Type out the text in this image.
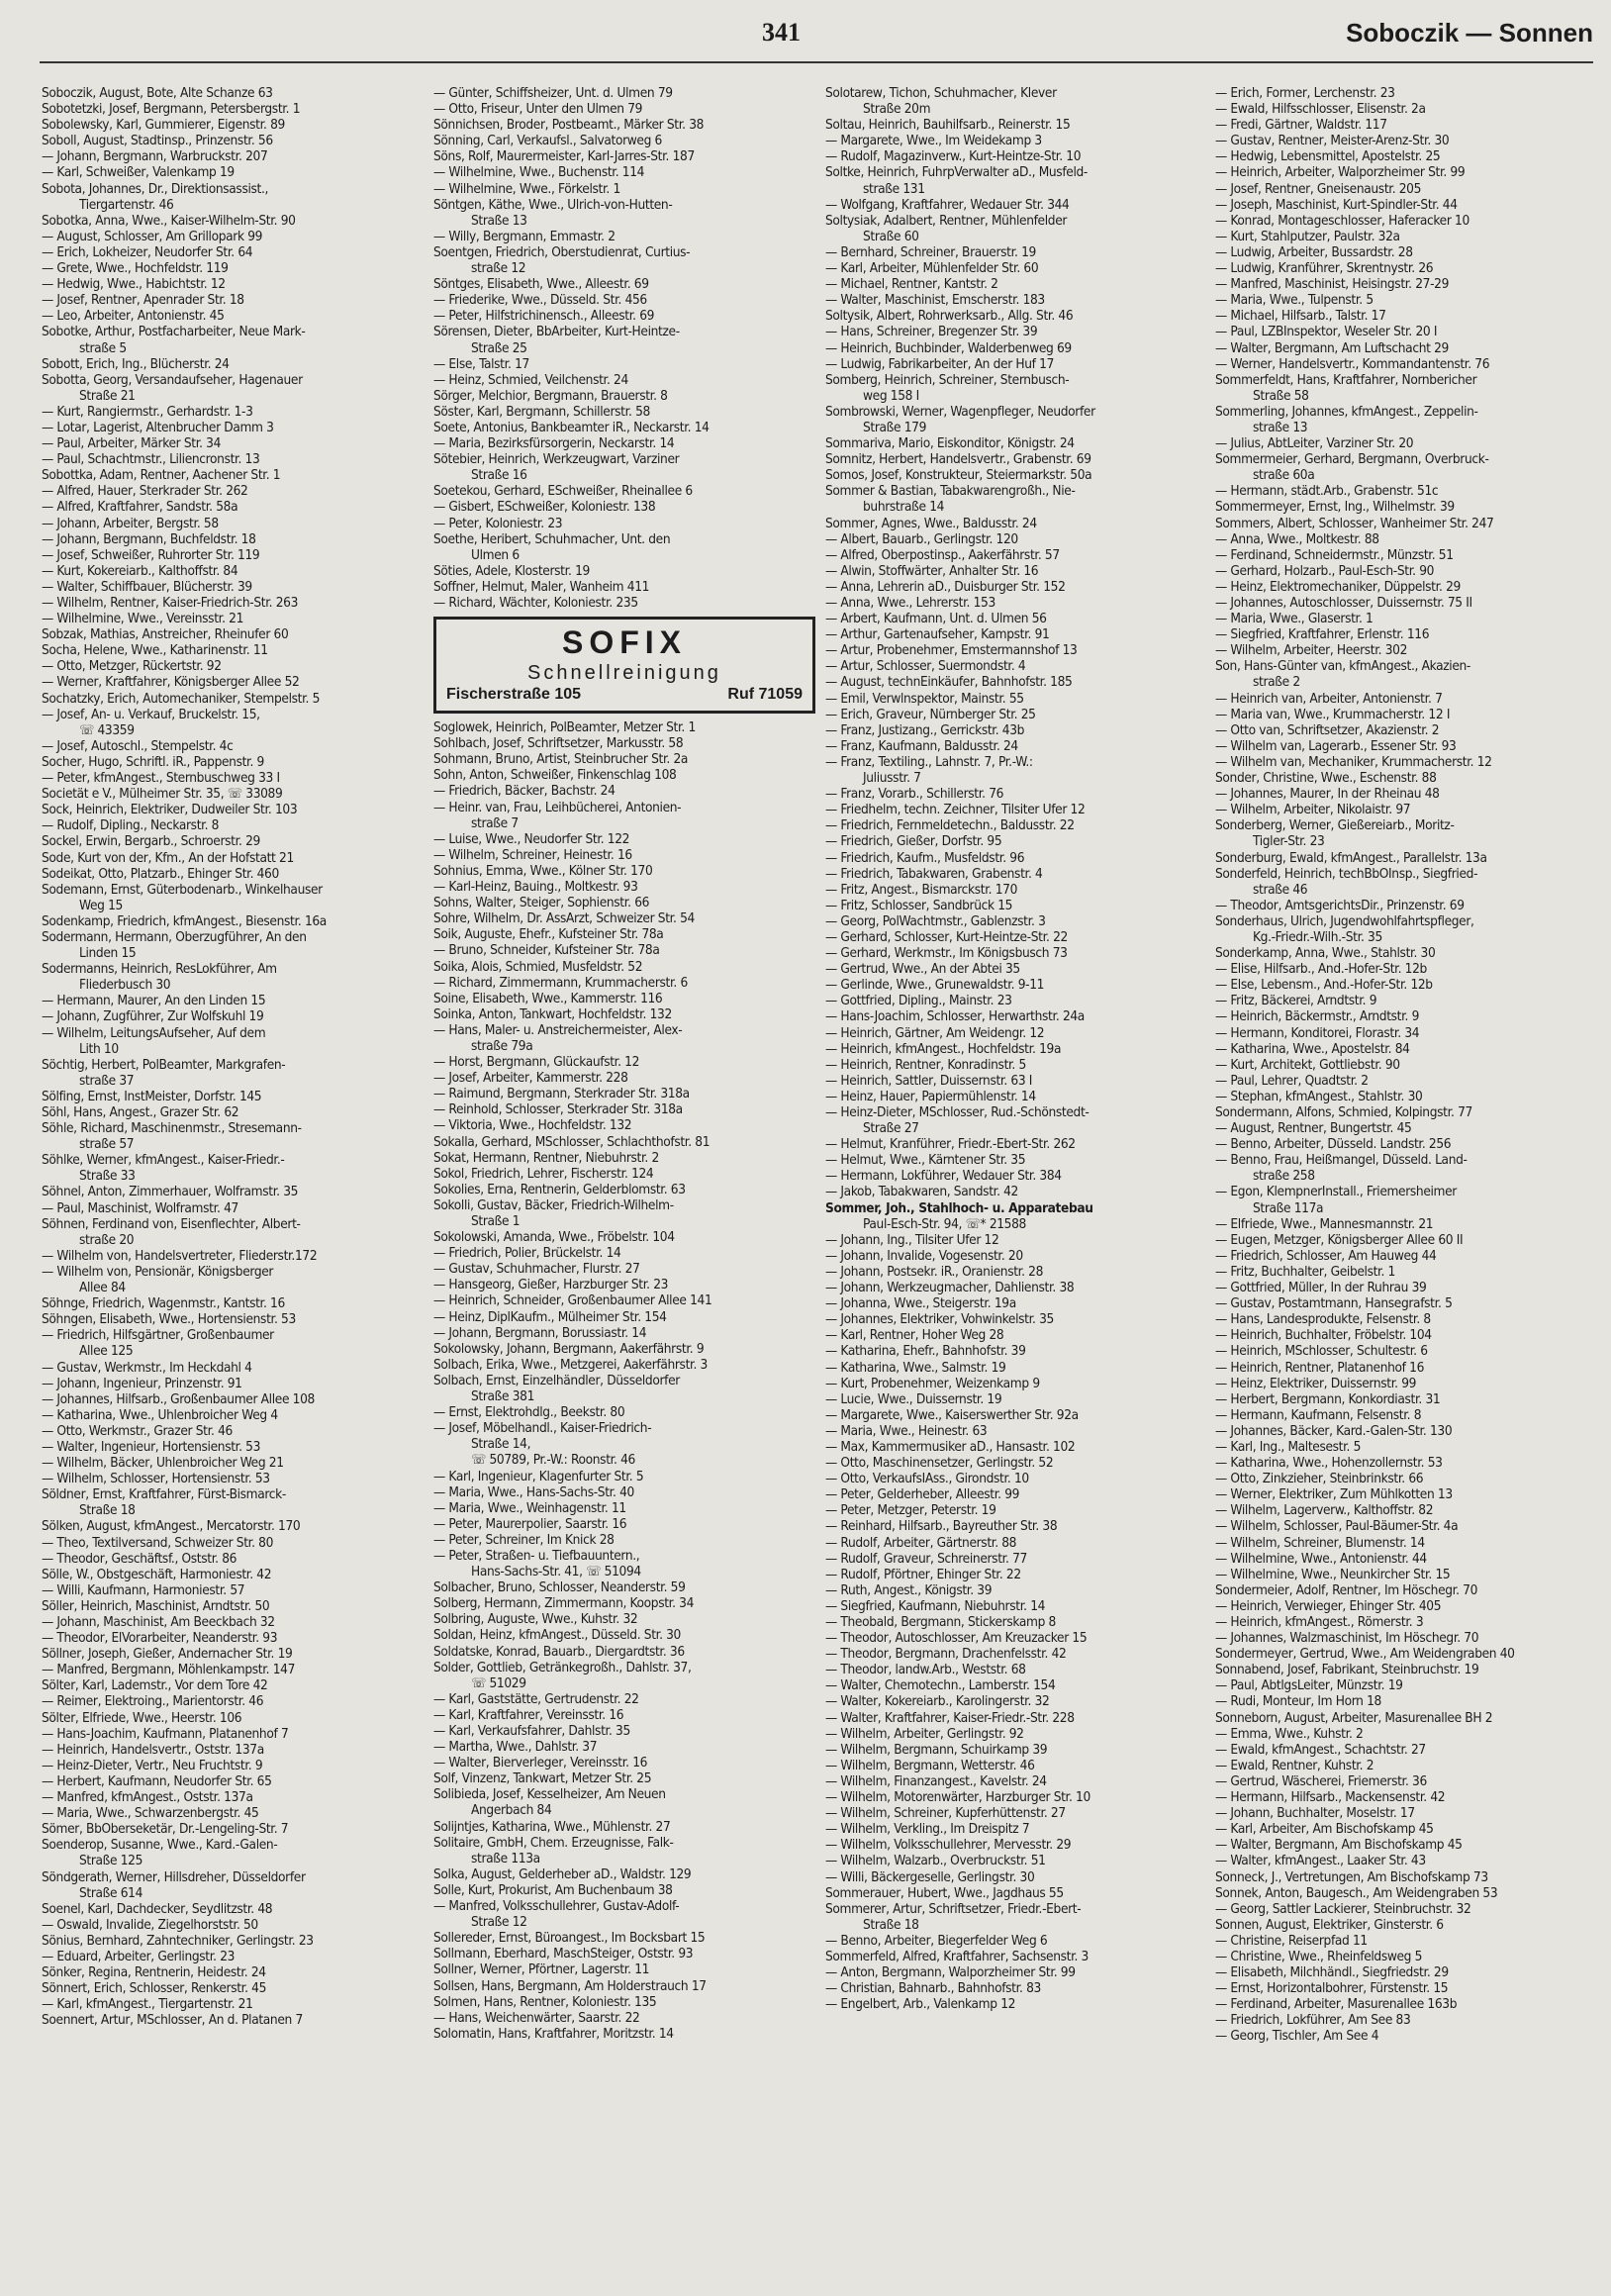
341	Soboczik — Sonnen
Soboczik, August, Bote, Alte Schanze 63
Sobotetzki, Josef, Bergmann, Petersbergstr. 1
Sobolewsky, Karl, Gummierer, Eigenstr. 89
Soboll, August, Stadtinsp., Prinzenstr. 56
— Johann, Bergmann, Warbruckstr. 207
— Karl, Schweißer, Valenkamp 19
Sobota, Johannes, Dr., Direktionsassist.,
Tiergartenstr. 46
Sobotka, Anna, Wwe., Kaiser-Wilhelm-Str. 90
— August, Schlosser, Am Grillopark 99
— Erich, Lokheizer, Neudorfer Str. 64
— Grete, Wwe., Hochfeldstr. 119
— Hedwig, Wwe., Habichtstr. 12
— Josef, Rentner, Apenrader Str. 18
— Leo, Arbeiter, Antonienstr. 45
Sobotke, Arthur, Postfacharbeiter, Neue Mark-
straße 5
Sobott, Erich, Ing., Blücherstr. 24
Sobotta, Georg, Versandaufseher, Hagenauer
Straße 21
— Kurt, Rangiermstr., Gerhardstr. 1-3
— Lotar, Lagerist, Altenbrucher Damm 3
— Paul, Arbeiter, Märker Str. 34
— Paul, Schachtmstr., Liliencronstr. 13
Sobottka, Adam, Rentner, Aachener Str. 1
— Alfred, Hauer, Sterkrader Str. 262
— Alfred, Kraftfahrer, Sandstr. 58a
— Johann, Arbeiter, Bergstr. 58
— Johann, Bergmann, Buchfeldstr. 18
— Josef, Schweißer, Ruhrorter Str. 119
— Kurt, Kokereiarb., Kalthoffstr. 84
— Walter, Schiffbauer, Blücherstr. 39
— Wilhelm, Rentner, Kaiser-Friedrich-Str. 263
— Wilhelmine, Wwe., Vereinsstr. 21
Sobzak, Mathias, Anstreicher, Rheinufer 60
Socha, Helene, Wwe., Katharinenstr. 11
— Otto, Metzger, Rückertstr. 92
— Werner, Kraftfahrer, Königsberger Allee 52
Sochatzky, Erich, Automechaniker, Stempelstr. 5
— Josef, An- u. Verkauf, Bruckelstr. 15,
☏ 43359
— Josef, Autoschl., Stempelstr. 4c
Socher, Hugo, Schriftl. iR., Pappenstr. 9
— Peter, kfmAngest., Sternbuschweg 33 I
Societät e V., Mülheimer Str. 35, ☏ 33089
Sock, Heinrich, Elektriker, Dudweiler Str. 103
— Rudolf, Dipling., Neckarstr. 8
Sockel, Erwin, Bergarb., Schroerstr. 29
Sode, Kurt von der, Kfm., An der Hofstatt 21
Sodeikat, Otto, Platzarb., Ehinger Str. 460
Sodemann, Ernst, Güterbodenarb., Winkelhauser
Weg 15
Sodenkamp, Friedrich, kfmAngest., Biesenstr. 16a
Sodermann, Hermann, Oberzugführer, An den
Linden 15
Sodermanns, Heinrich, ResLokführer, Am
Fliederbusch 30
— Hermann, Maurer, An den Linden 15
— Johann, Zugführer, Zur Wolfskuhl 19
— Wilhelm, LeitungsAufseher, Auf dem
Lith 10
Söchtig, Herbert, PolBeamter, Markgrafen-
straße 37
Sölfing, Ernst, InstMeister, Dorfstr. 145
Söhl, Hans, Angest., Grazer Str. 62
Söhle, Richard, Maschinenmstr., Stresemann-
straße 57
Söhlke, Werner, kfmAngest., Kaiser-Friedr.-
Straße 33
Söhnel, Anton, Zimmerhauer, Wolframstr. 35
— Paul, Maschinist, Wolframstr. 47
Söhnen, Ferdinand von, Eisenflechter, Albert-
straße 20
— Wilhelm von, Handelsvertreter, Fliederstr.172
— Wilhelm von, Pensionär, Königsberger
Allee 84
Söhnge, Friedrich, Wagenmstr., Kantstr. 16
Söhngen, Elisabeth, Wwe., Hortensienstr. 53
— Friedrich, Hilfsgärtner, Großenbaumer
Allee 125
— Gustav, Werkmstr., Im Heckdahl 4
— Johann, Ingenieur, Prinzenstr. 91
— Johannes, Hilfsarb., Großenbaumer Allee 108
— Katharina, Wwe., Uhlenbroicher Weg 4
— Otto, Werkmstr., Grazer Str. 46
— Walter, Ingenieur, Hortensienstr. 53
— Wilhelm, Bäcker, Uhlenbroicher Weg 21
— Wilhelm, Schlosser, Hortensienstr. 53
Söldner, Ernst, Kraftfahrer, Fürst-Bismarck-
Straße 18
Sölken, August, kfmAngest., Mercatorstr. 170
— Theo, Textilversand, Schweizer Str. 80
— Theodor, Geschäftsf., Oststr. 86
Sölle, W., Obstgeschäft, Harmoniestr. 42
— Willi, Kaufmann, Harmoniestr. 57
Söller, Heinrich, Maschinist, Arndtstr. 50
— Johann, Maschinist, Am Beeckbach 32
— Theodor, ElVorarbeiter, Neanderstr. 93
Söllner, Joseph, Gießer, Andernacher Str. 19
— Manfred, Bergmann, Möhlenkampstr. 147
Sölter, Karl, Lademstr., Vor dem Tore 42
— Reimer, Elektroing., Marientorstr. 46
Sölter, Elfriede, Wwe., Heerstr. 106
— Hans-Joachim, Kaufmann, Platanenhof 7
— Heinrich, Handelsvertr., Oststr. 137a
— Heinz-Dieter, Vertr., Neu Fruchtstr. 9
— Herbert, Kaufmann, Neudorfer Str. 65
— Manfred, kfmAngest., Oststr. 137a
— Maria, Wwe., Schwarzenbergstr. 45
Sömer, BbOberseketär, Dr.-Lengeling-Str. 7
Soenderop, Susanne, Wwe., Kard.-Galen-
Straße 125
Söndgerath, Werner, Hillsdreher, Düsseldorfer
Straße 614
Soenel, Karl, Dachdecker, Seydlitzstr. 48
— Oswald, Invalide, Ziegelhorststr. 50
Sönius, Bernhard, Zahntechniker, Gerlingstr. 23
— Eduard, Arbeiter, Gerlingstr. 23
Sönker, Regina, Rentnerin, Heidestr. 24
Sönnert, Erich, Schlosser, Renkerstr. 45
— Karl, kfmAngest., Tiergartenstr. 21
Soennert, Artur, MSchlosser, An d. Platanen 7
— Günter, Schiffsheizer, Unt. d. Ulmen 79
— Otto, Friseur, Unter den Ulmen 79
Sönnichsen, Broder, Postbeamt., Märker Str. 38
Sönning, Carl, Verkaufsl., Salvatorweg 6
Söns, Rolf, Maurermeister, Karl-Jarres-Str. 187
— Wilhelmine, Wwe., Buchenstr. 114
— Wilhelmine, Wwe., Förkelstr. 1
Söntgen, Käthe, Wwe., Ulrich-von-Hutten-
Straße 13
— Willy, Bergmann, Emmastr. 2
Soentgen, Friedrich, Oberstudienrat, Curtius-
straße 12
Söntges, Elisabeth, Wwe., Alleestr. 69
— Friederike, Wwe., Düsseld. Str. 456
— Peter, Hilfstrichinensch., Alleestr. 69
Sörensen, Dieter, BbArbeiter, Kurt-Heintze-
Straße 25
— Else, Talstr. 17
— Heinz, Schmied, Veilchenstr. 24
Sörger, Melchior, Bergmann, Brauerstr. 8
Söster, Karl, Bergmann, Schillerstr. 58
Soete, Antonius, Bankbeamter iR., Neckarstr. 14
— Maria, Bezirksfürsorgerin, Neckarstr. 14
Sötebier, Heinrich, Werkzeugwart, Varziner
Straße 16
Soetekou, Gerhard, ESchweißer, Rheinallee 6
— Gisbert, ESchweißer, Koloniestr. 138
— Peter, Koloniestr. 23
Soethe, Heribert, Schuhmacher, Unt. den
Ulmen 6
Söties, Adele, Klosterstr. 19
Soffner, Helmut, Maler, Wanheim 411
— Richard, Wächter, Koloniestr. 235
SOFIX
Schnellreinigung
Fischerstraße 105	Ruf 71059
Soglowek, Heinrich, PolBeamter, Metzer Str. 1
Sohlbach, Josef, Schriftsetzer, Markusstr. 58
Sohmann, Bruno, Artist, Steinbrucher Str. 2a
Sohn, Anton, Schweißer, Finkenschlag 108
— Friedrich, Bäcker, Bachstr. 24
— Heinr. van, Frau, Leihbücherei, Antonien-
straße 7
— Luise, Wwe., Neudorfer Str. 122
— Wilhelm, Schreiner, Heinestr. 16
Sohnius, Emma, Wwe., Kölner Str. 170
— Karl-Heinz, Bauing., Moltkestr. 93
Sohns, Walter, Steiger, Sophienstr. 66
Sohre, Wilhelm, Dr. AssArzt, Schweizer Str. 54
Soik, Auguste, Ehefr., Kufsteiner Str. 78a
— Bruno, Schneider, Kufsteiner Str. 78a
Soika, Alois, Schmied, Musfeldstr. 52
— Richard, Zimmermann, Krummacherstr. 6
Soine, Elisabeth, Wwe., Kammerstr. 116
Soinka, Anton, Tankwart, Hochfeldstr. 132
— Hans, Maler- u. Anstreichermeister, Alex-
straße 79a
— Horst, Bergmann, Glückaufstr. 12
— Josef, Arbeiter, Kammerstr. 228
— Raimund, Bergmann, Sterkrader Str. 318a
— Reinhold, Schlosser, Sterkrader Str. 318a
— Viktoria, Wwe., Hochfeldstr. 132
Sokalla, Gerhard, MSchlosser, Schlachthofstr. 81
Sokat, Hermann, Rentner, Niebuhrstr. 2
Sokol, Friedrich, Lehrer, Fischerstr. 124
Sokolies, Erna, Rentnerin, Gelderblomstr. 63
Sokolli, Gustav, Bäcker, Friedrich-Wilhelm-
Straße 1
Sokolowski, Amanda, Wwe., Fröbelstr. 104
— Friedrich, Polier, Brückelstr. 14
— Gustav, Schuhmacher, Flurstr. 27
— Hansgeorg, Gießer, Harzburger Str. 23
— Heinrich, Schneider, Großenbaumer Allee 141
— Heinz, DiplKaufm., Mülheimer Str. 154
— Johann, Bergmann, Borussiastr. 14
Sokolowsky, Johann, Bergmann, Aakerfährstr. 9
Solbach, Erika, Wwe., Metzgerei, Aakerfährstr. 3
Solbach, Ernst, Einzelhändler, Düsseldorfer
Straße 381
— Ernst, Elektrohdlg., Beekstr. 80
— Josef, Möbelhandl., Kaiser-Friedrich-
Straße 14,
☏ 50789, Pr.-W.: Roonstr. 46
— Karl, Ingenieur, Klagenfurter Str. 5
— Maria, Wwe., Hans-Sachs-Str. 40
— Maria, Wwe., Weinhagenstr. 11
— Peter, Maurerpolier, Saarstr. 16
— Peter, Schreiner, Im Knick 28
— Peter, Straßen- u. Tiefbauuntern.,
Hans-Sachs-Str. 41, ☏ 51094
Solbacher, Bruno, Schlosser, Neanderstr. 59
Solberg, Hermann, Zimmermann, Koopstr. 34
Solbring, Auguste, Wwe., Kuhstr. 32
Soldan, Heinz, kfmAngest., Düsseld. Str. 30
Soldatske, Konrad, Bauarb., Diergardtstr. 36
Solder, Gottlieb, Getränkegroßh., Dahlstr. 37,
☏ 51029
— Karl, Gaststätte, Gertrudenstr. 22
— Karl, Kraftfahrer, Vereinsstr. 16
— Karl, Verkaufsfahrer, Dahlstr. 35
— Martha, Wwe., Dahlstr. 37
— Walter, Bierverleger, Vereinsstr. 16
Solf, Vinzenz, Tankwart, Metzer Str. 25
Solibieda, Josef, Kesselheizer, Am Neuen
Angerbach 84
Solijntjes, Katharina, Wwe., Mühlenstr. 27
Solitaire, GmbH, Chem. Erzeugnisse, Falk-
straße 113a
Solka, August, Gelderheber aD., Waldstr. 129
Solle, Kurt, Prokurist, Am Buchenbaum 38
— Manfred, Volksschullehrer, Gustav-Adolf-
Straße 12
Sollereder, Ernst, Büroangest., Im Bocksbart 15
Sollmann, Eberhard, MaschSteiger, Oststr. 93
Sollner, Werner, Pförtner, Lagerstr. 11
Sollsen, Hans, Bergmann, Am Holderstrauch 17
Solmen, Hans, Rentner, Koloniestr. 135
— Hans, Weichenwärter, Saarstr. 22
Solomatin, Hans, Kraftfahrer, Moritzstr. 14
Solotarew, Tichon, Schuhmacher, Klever
Straße 20m
Soltau, Heinrich, Bauhilfsarb., Reinerstr. 15
— Margarete, Wwe., Im Weidekamp 3
— Rudolf, Magazinverw., Kurt-Heintze-Str. 10
Soltke, Heinrich, FuhrpVerwalter aD., Musfeld-
straße 131
— Wolfgang, Kraftfahrer, Wedauer Str. 344
Soltysiak, Adalbert, Rentner, Mühlenfelder
Straße 60
— Bernhard, Schreiner, Brauerstr. 19
— Karl, Arbeiter, Mühlenfelder Str. 60
— Michael, Rentner, Kantstr. 2
— Walter, Maschinist, Emscherstr. 183
Soltysik, Albert, Rohrwerksarb., Allg. Str. 46
— Hans, Schreiner, Bregenzer Str. 39
— Heinrich, Buchbinder, Walderbenweg 69
— Ludwig, Fabrikarbeiter, An der Huf 17
Somberg, Heinrich, Schreiner, Sternbusch-
weg 158 I
Sombrowski, Werner, Wagenpfleger, Neudorfer
Straße 179
Sommariva, Mario, Eiskonditor, Königstr. 24
Somnitz, Herbert, Handelsvertr., Grabenstr. 69
Somos, Josef, Konstrukteur, Steiermarkstr. 50a
Sommer & Bastian, Tabakwarengroßh., Nie-
buhrstraße 14
Sommer, Agnes, Wwe., Baldusstr. 24
— Albert, Bauarb., Gerlingstr. 120
— Alfred, Oberpostinsp., Aakerfährstr. 57
— Alwin, Stoffwärter, Anhalter Str. 16
— Anna, Lehrerin aD., Duisburger Str. 152
— Anna, Wwe., Lehrerstr. 153
— Arbert, Kaufmann, Unt. d. Ulmen 56
— Arthur, Gartenaufseher, Kampstr. 91
— Artur, Probenehmer, Emstermannshof 13
— Artur, Schlosser, Suermondstr. 4
— August, technEinkäufer, Bahnhofstr. 185
— Emil, Verwlnspektor, Mainstr. 55
— Erich, Graveur, Nürnberger Str. 25
— Franz, Justizang., Gerrickstr. 43b
— Franz, Kaufmann, Baldusstr. 24
— Franz, Textiling., Lahnstr. 7, Pr.-W.:
Juliusstr. 7
— Franz, Vorarb., Schillerstr. 76
— Friedhelm, techn. Zeichner, Tilsiter Ufer 12
— Friedrich, Fernmeldetechn., Baldusstr. 22
— Friedrich, Gießer, Dorfstr. 95
— Friedrich, Kaufm., Musfeldstr. 96
— Friedrich, Tabakwaren, Grabenstr. 4
— Fritz, Angest., Bismarckstr. 170
— Fritz, Schlosser, Sandbrück 15
— Georg, PolWachtmstr., Gablenzstr. 3
— Gerhard, Schlosser, Kurt-Heintze-Str. 22
— Gerhard, Werkmstr., Im Königsbusch 73
— Gertrud, Wwe., An der Abtei 35
— Gerlinde, Wwe., Grunewaldstr. 9-11
— Gottfried, Dipling., Mainstr. 23
— Hans-Joachim, Schlosser, Herwarthstr. 24a
— Heinrich, Gärtner, Am Weidengr. 12
— Heinrich, kfmAngest., Hochfeldstr. 19a
— Heinrich, Rentner, Konradinstr. 5
— Heinrich, Sattler, Duissernstr. 63 I
— Heinz, Hauer, Papiermühlenstr. 14
— Heinz-Dieter, MSchlosser, Rud.-Schönstedt-
Straße 27
— Helmut, Kranführer, Friedr.-Ebert-Str. 262
— Helmut, Wwe., Kärntener Str. 35
— Hermann, Lokführer, Wedauer Str. 384
— Jakob, Tabakwaren, Sandstr. 42
Sommer, Joh., Stahlhoch- u. Apparatebau
Paul-Esch-Str. 94, ☏* 21588
— Johann, Ing., Tilsiter Ufer 12
— Johann, Invalide, Vogesenstr. 20
— Johann, Postsekr. iR., Oranienstr. 28
— Johann, Werkzeugmacher, Dahlienstr. 38
— Johanna, Wwe., Steigerstr. 19a
— Johannes, Elektriker, Vohwinkelstr. 35
— Karl, Rentner, Hoher Weg 28
— Katharina, Ehefr., Bahnhofstr. 39
— Katharina, Wwe., Salmstr. 19
— Kurt, Probenehmer, Weizenkamp 9
— Lucie, Wwe., Duissernstr. 19
— Margarete, Wwe., Kaiserswerther Str. 92a
— Maria, Wwe., Heinestr. 63
— Max, Kammermusiker aD., Hansastr. 102
— Otto, Maschinensetzer, Gerlingstr. 52
— Otto, VerkaufsIAss., Girondstr. 10
— Peter, Gelderheber, Alleestr. 99
— Peter, Metzger, Peterstr. 19
— Reinhard, Hilfsarb., Bayreuther Str. 38
— Rudolf, Arbeiter, Gärtnerstr. 88
— Rudolf, Graveur, Schreinerstr. 77
— Rudolf, Pförtner, Ehinger Str. 22
— Ruth, Angest., Königstr. 39
— Siegfried, Kaufmann, Niebuhrstr. 14
— Theobald, Bergmann, Stickerskamp 8
— Theodor, Autoschlosser, Am Kreuzacker 15
— Theodor, Bergmann, Drachenfelsstr. 42
— Theodor, landw.Arb., Weststr. 68
— Walter, Chemotechn., Lamberstr. 154
— Walter, Kokereiarb., Karolingerstr. 32
— Walter, Kraftfahrer, Kaiser-Friedr.-Str. 228
— Wilhelm, Arbeiter, Gerlingstr. 92
— Wilhelm, Bergmann, Schuirkamp 39
— Wilhelm, Bergmann, Wetterstr. 46
— Wilhelm, Finanzangest., Kavelstr. 24
— Wilhelm, Motorenwärter, Harzburger Str. 10
— Wilhelm, Schreiner, Kupferhüttenstr. 27
— Wilhelm, Verkling., Im Dreispitz 7
— Wilhelm, Volksschullehrer, Mervesstr. 29
— Wilhelm, Walzarb., Overbruckstr. 51
— Willi, Bäckergeselle, Gerlingstr. 30
Sommerauer, Hubert, Wwe., Jagdhaus 55
Sommerer, Artur, Schriftsetzer, Friedr.-Ebert-
Straße 18
— Benno, Arbeiter, Biegerfelder Weg 6
Sommerfeld, Alfred, Kraftfahrer, Sachsenstr. 3
— Anton, Bergmann, Walporzheimer Str. 99
— Christian, Bahnarb., Bahnhofstr. 83
— Engelbert, Arb., Valenkamp 12
— Erich, Former, Lerchenstr. 23
— Ewald, Hilfsschlosser, Elisenstr. 2a
— Fredi, Gärtner, Waldstr. 117
— Gustav, Rentner, Meister-Arenz-Str. 30
— Hedwig, Lebensmittel, Apostelstr. 25
— Heinrich, Arbeiter, Walporzheimer Str. 99
— Josef, Rentner, Gneisenaustr. 205
— Joseph, Maschinist, Kurt-Spindler-Str. 44
— Konrad, Montageschlosser, Haferacker 10
— Kurt, Stahlputzer, Paulstr. 32a
— Ludwig, Arbeiter, Bussardstr. 28
— Ludwig, Kranführer, Skrentnystr. 26
— Manfred, Maschinist, Heisingstr. 27-29
— Maria, Wwe., Tulpenstr. 5
— Michael, Hilfsarb., Talstr. 17
— Paul, LZBInspektor, Weseler Str. 20 I
— Walter, Bergmann, Am Luftschacht 29
— Werner, Handelsvertr., Kommandantenstr. 76
Sommerfeldt, Hans, Kraftfahrer, Nornbericher
Straße 58
Sommerling, Johannes, kfmAngest., Zeppelin-
straße 13
— Julius, AbtLeiter, Varziner Str. 20
Sommermeier, Gerhard, Bergmann, Overbruck-
straße 60a
— Hermann, städt.Arb., Grabenstr. 51c
Sommermeyer, Ernst, Ing., Wilhelmstr. 39
Sommers, Albert, Schlosser, Wanheimer Str. 247
— Anna, Wwe., Moltkestr. 88
— Ferdinand, Schneidermstr., Münzstr. 51
— Gerhard, Holzarb., Paul-Esch-Str. 90
— Heinz, Elektromechaniker, Düppelstr. 29
— Johannes, Autoschlosser, Duissernstr. 75 II
— Maria, Wwe., Glaserstr. 1
— Siegfried, Kraftfahrer, Erlenstr. 116
— Wilhelm, Arbeiter, Heerstr. 302
Son, Hans-Günter van, kfmAngest., Akazien-
straße 2
— Heinrich van, Arbeiter, Antonienstr. 7
— Maria van, Wwe., Krummacherstr. 12 I
— Otto van, Schriftsetzer, Akazienstr. 2
— Wilhelm van, Lagerarb., Essener Str. 93
— Wilhelm van, Mechaniker, Krummacherstr. 12
Sonder, Christine, Wwe., Eschenstr. 88
— Johannes, Maurer, In der Rheinau 48
— Wilhelm, Arbeiter, Nikolaistr. 97
Sonderberg, Werner, Gießereiarb., Moritz-
Tigler-Str. 23
Sonderburg, Ewald, kfmAngest., Parallelstr. 13a
Sonderfeld, Heinrich, techBbOInsp., Siegfried-
straße 46
— Theodor, AmtsgerichtsDir., Prinzenstr. 69
Sonderhaus, Ulrich, Jugendwohlfahrtspfleger,
Kg.-Friedr.-Wilh.-Str. 35
Sonderkamp, Anna, Wwe., Stahlstr. 30
— Elise, Hilfsarb., And.-Hofer-Str. 12b
— Else, Lebensm., And.-Hofer-Str. 12b
— Fritz, Bäckerei, Arndtstr. 9
— Heinrich, Bäckermstr., Arndtstr. 9
— Hermann, Konditorei, Florastr. 34
— Katharina, Wwe., Apostelstr. 84
— Kurt, Architekt, Gottliebstr. 90
— Paul, Lehrer, Quadtstr. 2
— Stephan, kfmAngest., Stahlstr. 30
Sondermann, Alfons, Schmied, Kolpingstr. 77
— August, Rentner, Bungertstr. 45
— Benno, Arbeiter, Düsseld. Landstr. 256
— Benno, Frau, Heißmangel, Düsseld. Land-
straße 258
— Egon, KlempnerInstall., Friemersheimer
Straße 117a
— Elfriede, Wwe., Mannesmannstr. 21
— Eugen, Metzger, Königsberger Allee 60 II
— Friedrich, Schlosser, Am Hauweg 44
— Fritz, Buchhalter, Geibelstr. 1
— Gottfried, Müller, In der Ruhrau 39
— Gustav, Postamtmann, Hansegrafstr. 5
— Hans, Landesprodukte, Felsenstr. 8
— Heinrich, Buchhalter, Fröbelstr. 104
— Heinrich, MSchlosser, Schultestr. 6
— Heinrich, Rentner, Platanenhof 16
— Heinz, Elektriker, Duissernstr. 99
— Herbert, Bergmann, Konkordiastr. 31
— Hermann, Kaufmann, Felsenstr. 8
— Johannes, Bäcker, Kard.-Galen-Str. 130
— Karl, Ing., Maltesestr. 5
— Katharina, Wwe., Hohenzollernstr. 53
— Otto, Zinkzieher, Steinbrinkstr. 66
— Werner, Elektriker, Zum Mühlkotten 13
— Wilhelm, Lagerverw., Kalthoffstr. 82
— Wilhelm, Schlosser, Paul-Bäumer-Str. 4a
— Wilhelm, Schreiner, Blumenstr. 14
— Wilhelmine, Wwe., Antonienstr. 44
— Wilhelmine, Wwe., Neunkircher Str. 15
Sondermeier, Adolf, Rentner, Im Höschegr. 70
— Heinrich, Verwieger, Ehinger Str. 405
— Heinrich, kfmAngest., Römerstr. 3
— Johannes, Walzmaschinist, Im Höschegr. 70
Sondermeyer, Gertrud, Wwe., Am Weidengraben 40
Sonnabend, Josef, Fabrikant, Steinbruchstr. 19
— Paul, AbtlgsLeiter, Münzstr. 19
— Rudi, Monteur, Im Horn 18
Sonneborn, August, Arbeiter, Masurenallee BH 2
— Emma, Wwe., Kuhstr. 2
— Ewald, kfmAngest., Schachtstr. 27
— Ewald, Rentner, Kuhstr. 2
— Gertrud, Wäscherei, Friemerstr. 36
— Hermann, Hilfsarb., Mackensenstr. 42
— Johann, Buchhalter, Moselstr. 17
— Karl, Arbeiter, Am Bischofskamp 45
— Walter, Bergmann, Am Bischofskamp 45
— Walter, kfmAngest., Laaker Str. 43
Sonneck, J., Vertretungen, Am Bischofskamp 73
Sonnek, Anton, Baugesch., Am Weidengraben 53
— Georg, Sattler Lackierer, Steinbruchstr. 32
Sonnen, August, Elektriker, Ginsterstr. 6
— Christine, Reiserpfad 11
— Christine, Wwe., Rheinfeldsweg 5
— Elisabeth, Milchhändl., Siegfriedstr. 29
— Ernst, Horizontalbohrer, Fürstenstr. 15
— Ferdinand, Arbeiter, Masurenallee 163b
— Friedrich, Lokführer, Am See 83
— Georg, Tischler, Am See 4
